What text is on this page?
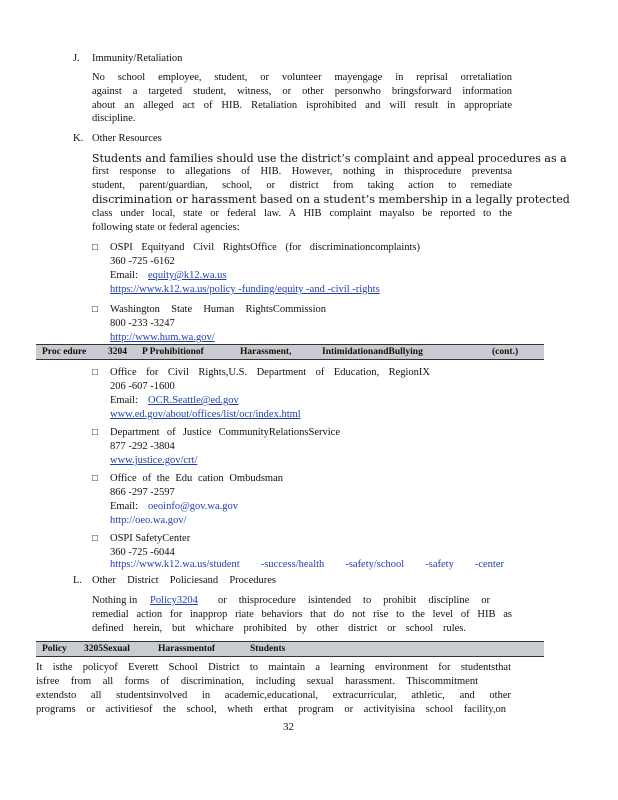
J. Immunity/Retaliation
No school employee, student, or volunteer mayengage in reprisal orretaliation
against a targeted student, witness, or other personwho bringsforward information
about an alleged act of HIB. Retaliation isprohibited and will result in appropriate
discipline.
K. Other Resources
Students and families should use the district’s complaint and appeal procedures as a
first response to allegations of HIB. However, nothing in thisprocedure preventsa
student, parent/guardian, school, or district from taking action to remediate
discrimination or harassment based on a student’s membership in a legally protected
class under local, state or federal law. A HIB complaint mayalso be reported to the
following state or federal agencies:
□ OSPI Equityand Civil RightsOffice (for discriminationcomplaints)
360 -725 -6162
Email: equity@k12.wa.us
https://www.k12.wa.us/policy -funding/equity -and -civil -rights
□ Washington State Human RightsCommission
800 -233 -3247
http://www.hum.wa.gov/
Proc edure 3204 P Prohibitionof	Harassment,	IntimidationandBullying	(cont.)
□ Office for Civil Rights,U.S. Department of Education, RegionIX
206 -607 -1600
Email: OCR.Seattle@ed.gov
www.ed.gov/about/offices/list/ocr/index.html
□ Department of Justice CommunityRelationsService
877 -292 -3804
www.justice.gov/crt/
□ Office of the Edu cation Ombudsman
866 -297 -2597
Email: oeoinfo@gov.wa.gov
http://oeo.wa.gov/
□ OSPI SafetyCenter
360 -725 -6044
https://www.k12.wa.us/student -success/health -safety/school -safety -center
L. Other District Policiesand Procedures
Nothing in Policy3204	or thisprocedure isintended to prohibit discipline or
remedial action for inapprop riate behaviors that do not rise to the level of HIB as
defined herein, but whichare prohibited by other district or school rules.
Policy 3205Sexual	Harassmentof	Students
It isthe policyof Everett School District to maintain a learning environment for studentsthat
isfree from all forms of discrimination, including sexual harassment. Thiscommitment
extendsto all studentsinvolved in academic,educational, extracurricular, athletic, and other
programs or activitiesof the school, wheth erthat program or activityisina school facility,on
32
